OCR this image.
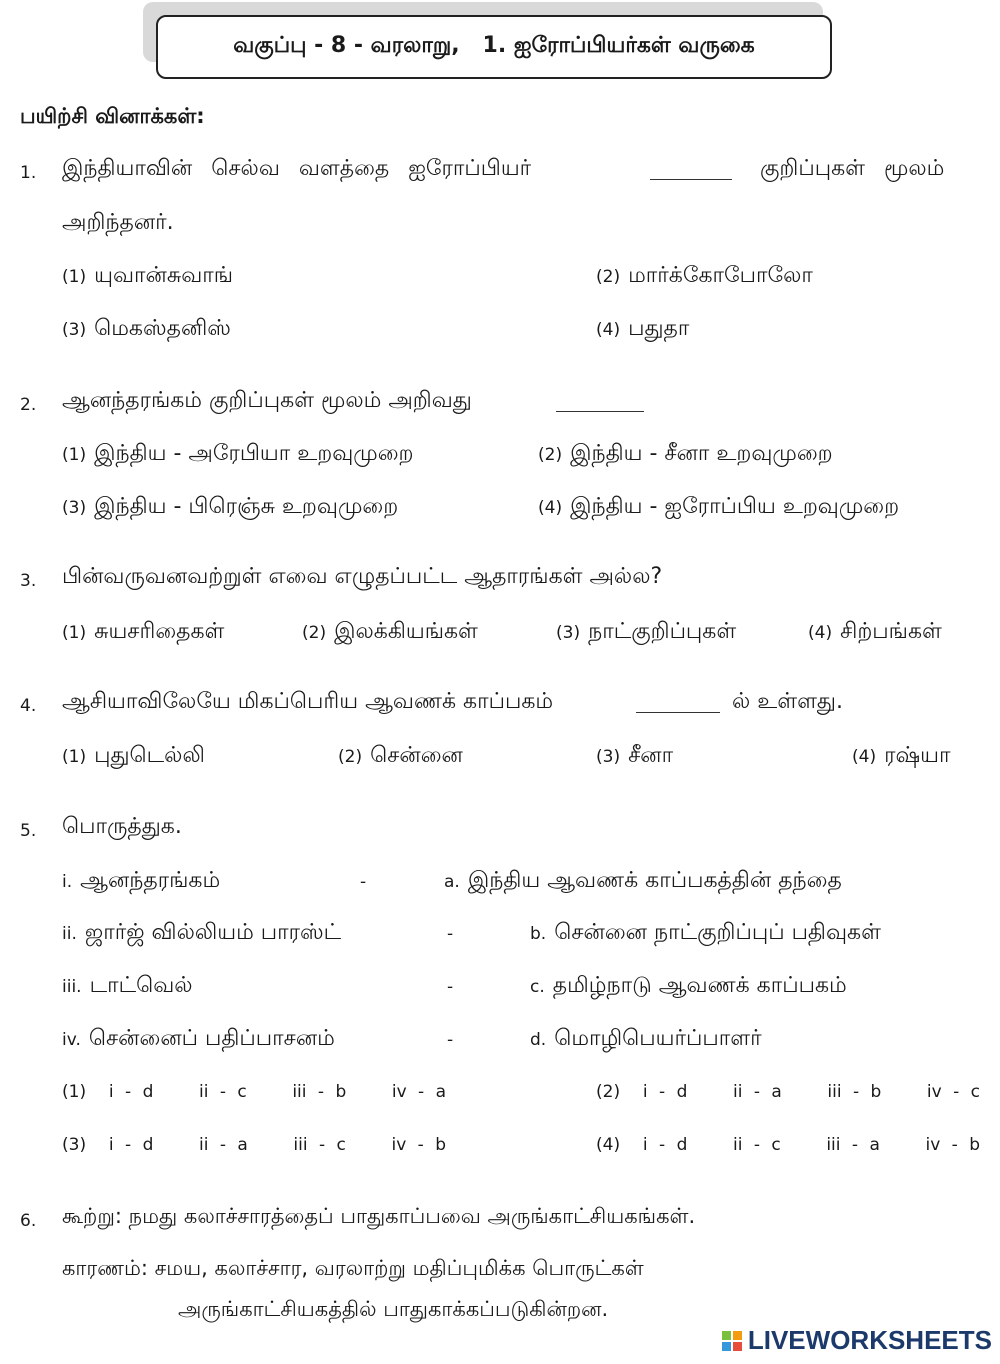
வகுப்பு - 8 - வரலாறு,   1. ஐரோப்பியர்கள் வருகை
பயிற்சி வினாக்கள்:
1. இந்தியாவின் செல்வ வளத்தை ஐரோப்பியர்	குறிப்புகள் மூலம்
அறிந்தனர்.
(1) யுவான்சுவாங்	(2) மார்க்கோபோலோ
(3) மெகஸ்தனிஸ்	(4) பதுதா
2. ஆனந்தரங்கம் குறிப்புகள் மூலம் அறிவது
(1) இந்திய - அரேபியா உறவுமுறை	(2) இந்திய - சீனா உறவுமுறை
(3) இந்திய - பிரெஞ்சு உறவுமுறை	(4) இந்திய - ஐரோப்பிய உறவுமுறை
3. பின்வருவனவற்றுள் எவை எழுதப்பட்ட ஆதாரங்கள் அல்ல?
(1) சுயசரிதைகள்	(2) இலக்கியங்கள்	(3) நாட்குறிப்புகள்	(4) சிற்பங்கள்
4. ஆசியாவிலேயே மிகப்பெரிய ஆவணக் காப்பகம்	ல் உள்ளது.
(1) புதுடெல்லி	(2) சென்னை	(3) சீனா	(4) ரஷ்யா
5. பொருத்துக.
i. ஆனந்தரங்கம்	-	a. இந்திய ஆவணக் காப்பகத்தின் தந்தை
ii. ஜார்ஜ் வில்லியம் பாரஸ்ட்	-	b. சென்னை நாட்குறிப்புப் பதிவுகள்
iii. டாட்வெல்	-	c. தமிழ்நாடு ஆவணக் காப்பகம்
iv. சென்னைப் பதிப்பாசனம்	-	d. மொழிபெயர்ப்பாளர்
(1) i - d    ii - c    iii - b    iv - a	(2) i - d    ii - a    iii - b    iv - c
(3) i - d    ii - a    iii - c    iv - b	(4) i - d    ii - c    iii - a    iv - b
6. கூற்று: நமது கலாச்சாரத்தைப் பாதுகாப்பவை அருங்காட்சியகங்கள்.
காரணம்: சமய, கலாச்சார, வரலாற்று மதிப்புமிக்க பொருட்கள்
அருங்காட்சியகத்தில் பாதுகாக்கப்படுகின்றன.
LIVEWORKSHEETS
